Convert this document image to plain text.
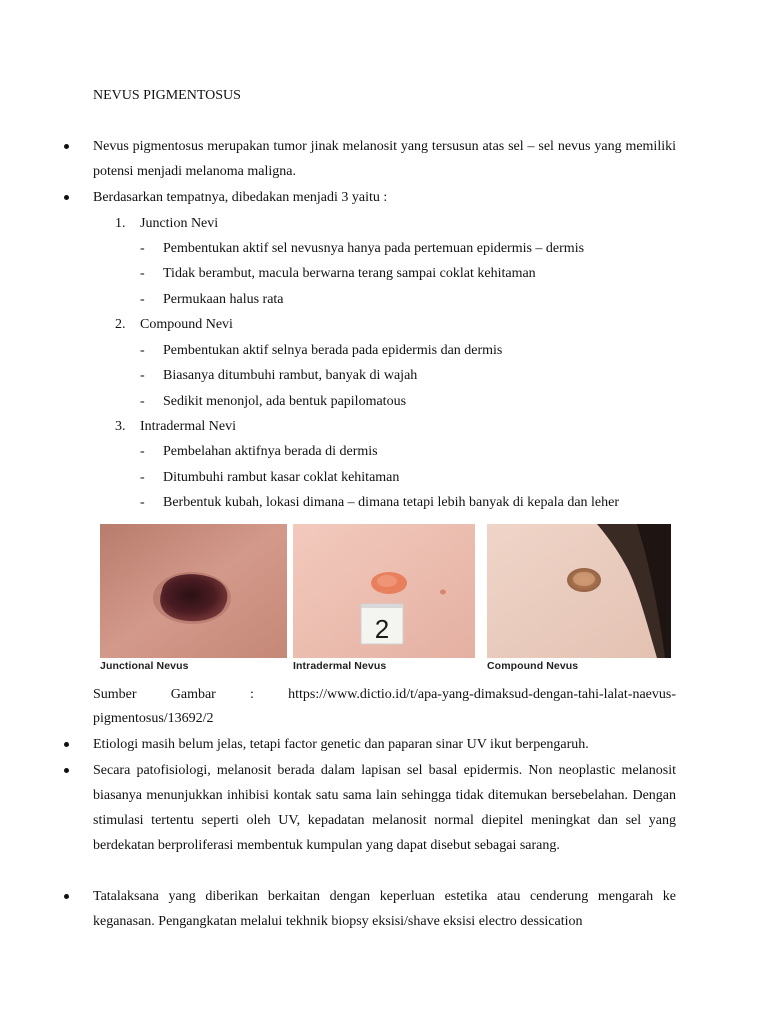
NEVUS PIGMENTOSUS
Nevus pigmentosus merupakan tumor jinak melanosit yang tersusun atas sel – sel nevus yang memiliki potensi menjadi melanoma maligna.
Berdasarkan tempatnya, dibedakan menjadi 3 yaitu :
1. Junction Nevi
- Pembentukan aktif sel nevusnya hanya pada pertemuan epidermis – dermis
- Tidak berambut, macula berwarna terang sampai coklat kehitaman
- Permukaan halus rata
2. Compound Nevi
- Pembentukan aktif selnya berada pada epidermis dan dermis
- Biasanya ditumbuhi rambut, banyak di wajah
- Sedikit menonjol, ada bentuk papilomatous
3. Intradermal Nevi
- Pembelahan aktifnya berada di dermis
- Ditumbuhi rambut kasar coklat kehitaman
- Berbentuk kubah, lokasi dimana – dimana tetapi lebih banyak di kepala dan leher
Junctional Nevus
2
Intradermal Nevus	Compound Nevus
Sumber Gambar : https://www.dictio.id/t/apa-yang-dimaksud-dengan-tahi-lalat-naevus-
pigmentosus/13692/2
Etiologi masih belum jelas, tetapi factor genetic dan paparan sinar UV ikut berpengaruh.
Secara patofisiologi, melanosit berada dalam lapisan sel basal epidermis. Non neoplastic melanosit biasanya menunjukkan inhibisi kontak satu sama lain sehingga tidak ditemukan bersebelahan. Dengan stimulasi tertentu seperti oleh UV, kepadatan melanosit normal diepitel meningkat dan sel yang berdekatan berproliferasi membentuk kumpulan yang dapat disebut sebagai sarang.
Tatalaksana yang diberikan berkaitan dengan keperluan estetika atau cenderung mengarah ke keganasan. Pengangkatan melalui tekhnik biopsy eksisi/shave eksisi electro dessication
